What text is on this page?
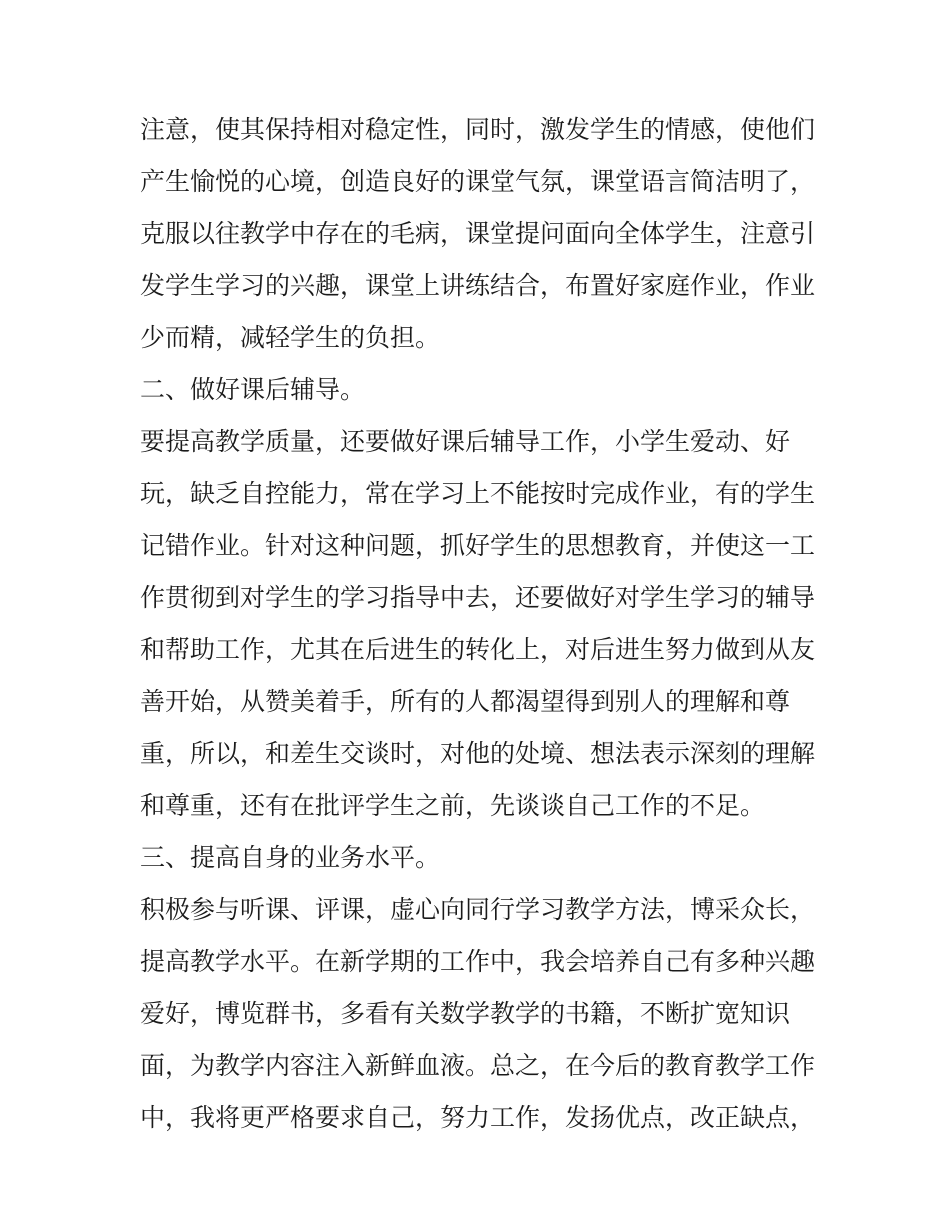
注意，使其保持相对稳定性，同时，激发学生的情感，使他们
产生愉悦的心境，创造良好的课堂气氛，课堂语言简洁明了，
克服以往教学中存在的毛病，课堂提问面向全体学生，注意引
发学生学习的兴趣，课堂上讲练结合，布置好家庭作业，作业
少而精，减轻学生的负担。
二、做好课后辅导。
要提高教学质量，还要做好课后辅导工作，小学生爱动、好
玩，缺乏自控能力，常在学习上不能按时完成作业，有的学生
记错作业。针对这种问题，抓好学生的思想教育，并使这一工
作贯彻到对学生的学习指导中去，还要做好对学生学习的辅导
和帮助工作，尤其在后进生的转化上，对后进生努力做到从友
善开始，从赞美着手，所有的人都渴望得到别人的理解和尊
重，所以，和差生交谈时，对他的处境、想法表示深刻的理解
和尊重，还有在批评学生之前，先谈谈自己工作的不足。
三、提高自身的业务水平。
积极参与听课、评课，虚心向同行学习教学方法，博采众长，
提高教学水平。在新学期的工作中，我会培养自己有多种兴趣
爱好，博览群书，多看有关数学教学的书籍，不断扩宽知识
面，为教学内容注入新鲜血液。总之，在今后的教育教学工作
中，我将更严格要求自己，努力工作，发扬优点，改正缺点，
